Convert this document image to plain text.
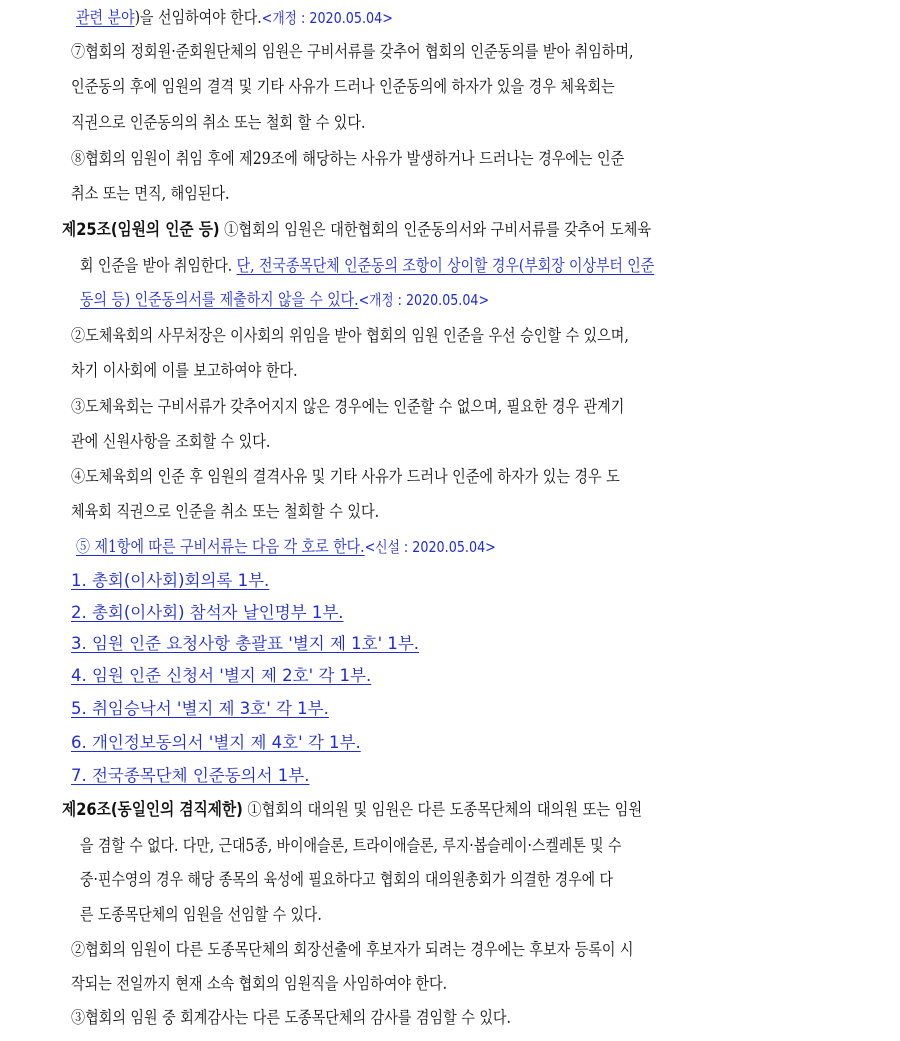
관련 분야)을 선임하여야 한다.<개정 : 2020.05.04>
⑦협회의 정회원·준회원단체의 임원은 구비서류를 갖추어 협회의 인준동의를 받아 취임하며,
인준동의 후에 임원의 결격 및 기타 사유가 드러나 인준동의에 하자가 있을 경우 체육회는
직권으로 인준동의의 취소 또는 철회 할 수 있다.
⑧협회의 임원이 취임 후에 제29조에 해당하는 사유가 발생하거나 드러나는 경우에는 인준
취소 또는 면직, 해임된다.
제25조(임원의 인준 등) ①협회의 임원은 대한협회의 인준동의서와 구비서류를 갖추어 도체육
회 인준을 받아 취임한다. 단, 전국종목단체 인준동의 조항이 상이할 경우(부회장 이상부터 인준
동의 등) 인준동의서를 제출하지 않을 수 있다.<개정 : 2020.05.04>
②도체육회의 사무처장은 이사회의 위임을 받아 협회의 임원 인준을 우선 승인할 수 있으며,
차기 이사회에 이를 보고하여야 한다.
③도체육회는 구비서류가 갖추어지지 않은 경우에는 인준할 수 없으며, 필요한 경우 관계기
관에 신원사항을 조회할 수 있다.
④도체육회의 인준 후 임원의 결격사유 및 기타 사유가 드러나 인준에 하자가 있는 경우 도
체육회 직권으로 인준을 취소 또는 철회할 수 있다.
⑤ 제1항에 따른 구비서류는 다음 각 호로 한다.<신설 : 2020.05.04>
1. 총회(이사회)회의록 1부.
2. 총회(이사회) 참석자 날인명부 1부.
3. 임원 인준 요청사항 총괄표 '별지 제 1호' 1부.
4. 임원 인준 신청서 '별지 제 2호' 각 1부.
5. 취임승낙서 '별지 제 3호' 각 1부.
6. 개인정보동의서 '별지 제 4호' 각 1부.
7. 전국종목단체 인준동의서 1부.
제26조(동일인의 겸직제한) ①협회의 대의원 및 임원은 다른 도종목단체의 대의원 또는 임원
을 겸할 수 없다. 다만, 근대5종, 바이애슬론, 트라이애슬론, 루지·봅슬레이·스켈레톤 및 수
중·핀수영의 경우 해당 종목의 육성에 필요하다고 협회의 대의원총회가 의결한 경우에 다
른 도종목단체의 임원을 선임할 수 있다.
②협회의 임원이 다른 도종목단체의 회장선출에 후보자가 되려는 경우에는 후보자 등록이 시
작되는 전일까지 현재 소속 협회의 임원직을 사임하여야 한다.
③협회의 임원 중 회계감사는 다른 도종목단체의 감사를 겸임할 수 있다.
